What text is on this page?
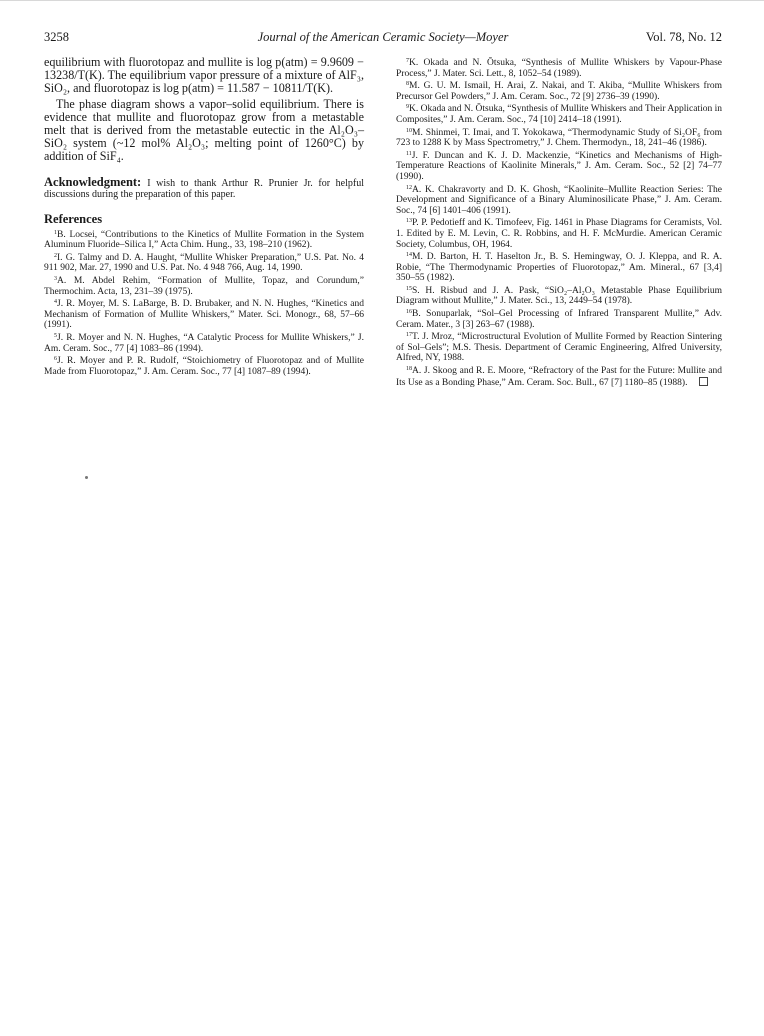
3258	Journal of the American Ceramic Society—Moyer	Vol. 78, No. 12

equilibrium with fluorotopaz and mullite is log p(atm) = 9.9609 − 13238/T(K). The equilibrium vapor pressure of a mixture of AlF₃, SiO₂, and fluorotopaz is log p(atm) = 11.587 − 10811/T(K).

The phase diagram shows a vapor–solid equilibrium. There is evidence that mullite and fluorotopaz grow from a metastable melt that is derived from the metastable eutectic in the Al₂O₃–SiO₂ system (~12 mol% Al₂O₃; melting point of 1260°C) by addition of SiF₄.

Acknowledgment: I wish to thank Arthur R. Prunier Jr. for helpful discussions during the preparation of this paper.
References
$^1$B. Locsei, “Contributions to the Kinetics of Mullite Formation in the System Aluminum Fluoride–Silica I,” Acta Chim. Hung., 33, 198–210 (1962).
$^2$I. G. Talmy and D. A. Haught, “Mullite Whisker Preparation,” U.S. Pat. No. 4 911 902, Mar. 27, 1990 and U.S. Pat. No. 4 948 766, Aug. 14, 1990.
$^3$A. M. Abdel Rehim, “Formation of Mullite, Topaz, and Corundum,” Thermochim. Acta, 13, 231–39 (1975).
$^4$J. R. Moyer, M. S. LaBarge, B. D. Brubaker, and N. N. Hughes, “Kinetics and Mechanism of Formation of Mullite Whiskers,” Mater. Sci. Monogr., 68, 57–66 (1991).
$^5$J. R. Moyer and N. N. Hughes, “A Catalytic Process for Mullite Whiskers,” J. Am. Ceram. Soc., 77 [4] 1083–86 (1994).
$^6$J. R. Moyer and P. R. Rudolf, “Stoichiometry of Fluorotopaz and of Mullite Made from Fluorotopaz,” J. Am. Ceram. Soc., 77 [4] 1087–89 (1994).
$^7$K. Okada and N. Ōtsuka, “Synthesis of Mullite Whiskers by Vapour-Phase Process,” J. Mater. Sci. Lett., 8, 1052–54 (1989).
$^8$M. G. U. M. Ismail, H. Arai, Z. Nakai, and T. Akiba, “Mullite Whiskers from Precursor Gel Powders,” J. Am. Ceram. Soc., 72 [9] 2736–39 (1990).
$^9$K. Okada and N. Ōtsuka, “Synthesis of Mullite Whiskers and Their Application in Composites,” J. Am. Ceram. Soc., 74 [10] 2414–18 (1991).
$^{10}$M. Shinmei, T. Imai, and T. Yokokawa, “Thermodynamic Study of Si₂OF₆ from 723 to 1288 K by Mass Spectrometry,” J. Chem. Thermodyn., 18, 241–46 (1986).
$^{11}$J. F. Duncan and K. J. D. Mackenzie, “Kinetics and Mechanisms of High-Temperature Reactions of Kaolinite Minerals,” J. Am. Ceram. Soc., 52 [2] 74–77 (1990).
$^{12}$A. K. Chakravorty and D. K. Ghosh, “Kaolinite–Mullite Reaction Series: The Development and Significance of a Binary Aluminosilicate Phase,” J. Am. Ceram. Soc., 74 [6] 1401–406 (1991).
$^{13}$P. P. Pedotieff and K. Timofeev, Fig. 1461 in Phase Diagrams for Ceramists, Vol. 1. Edited by E. M. Levin, C. R. Robbins, and H. F. McMurdie. American Ceramic Society, Columbus, OH, 1964.
$^{14}$M. D. Barton, H. T. Haselton Jr., B. S. Hemingway, O. J. Kleppa, and R. A. Robie, “The Thermodynamic Properties of Fluorotopaz,” Am. Mineral., 67 [3,4] 350–55 (1982).
$^{15}$S. H. Risbud and J. A. Pask, “SiO₂–Al₂O₃ Metastable Phase Equilibrium Diagram without Mullite,” J. Mater. Sci., 13, 2449–54 (1978).
$^{16}$B. Sonuparlak, “Sol–Gel Processing of Infrared Transparent Mullite,” Adv. Ceram. Mater., 3 [3] 263–67 (1988).
$^{17}$T. J. Mroz, “Microstructural Evolution of Mullite Formed by Reaction Sintering of Sol–Gels”; M.S. Thesis. Department of Ceramic Engineering, Alfred University, Alfred, NY, 1988.
$^{18}$A. J. Skoog and R. E. Moore, “Refractory of the Past for the Future: Mullite and Its Use as a Bonding Phase,” Am. Ceram. Soc. Bull., 67 [7] 1180–85 (1988).
